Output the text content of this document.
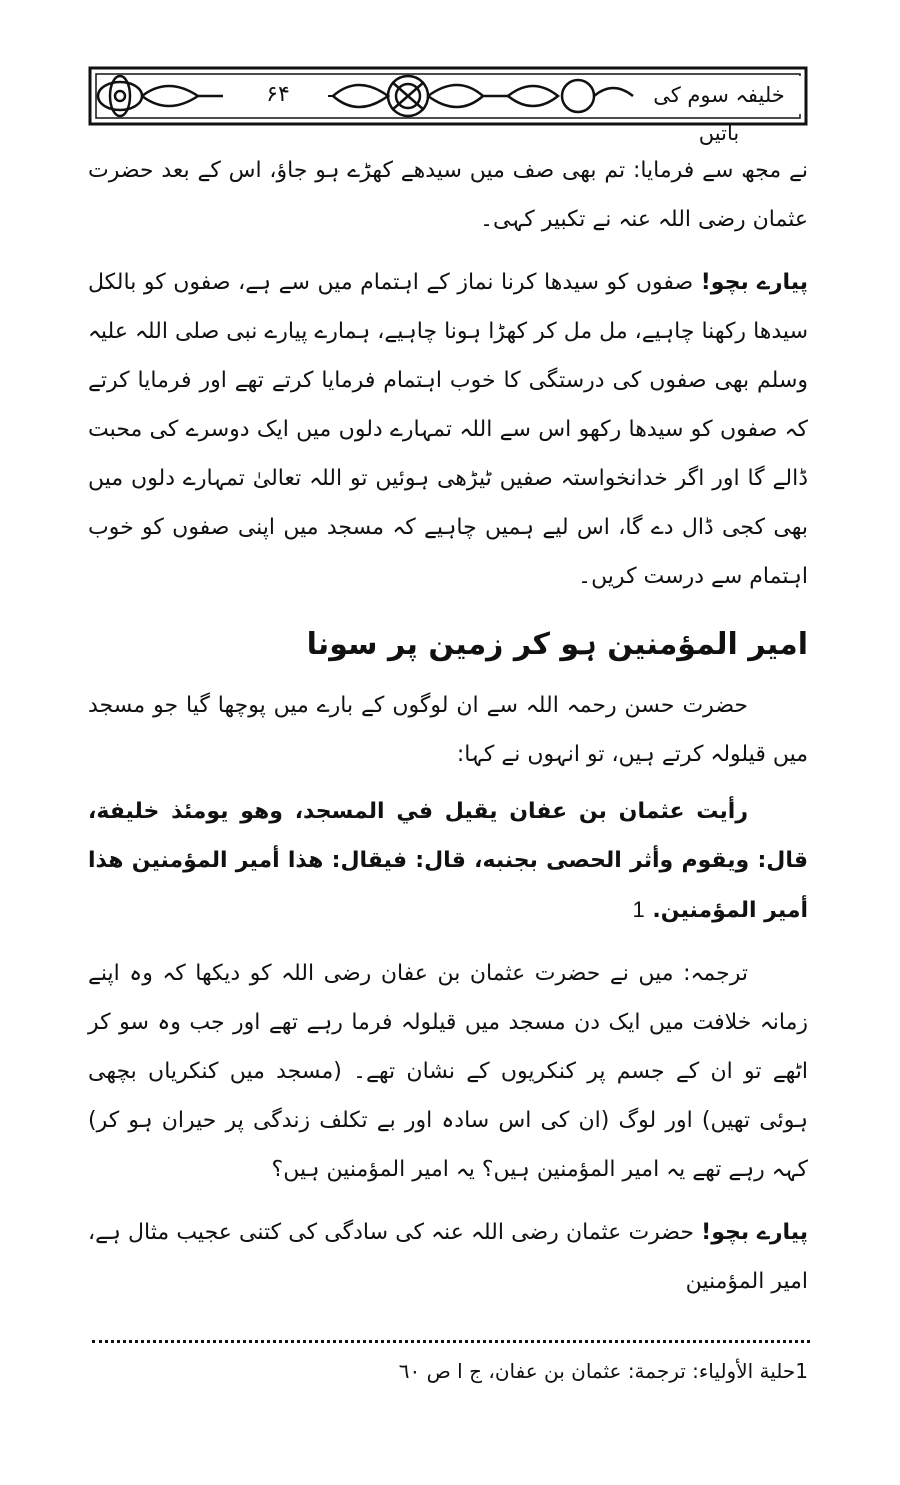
۶۴	خلیفہ سوم کی باتیں

نے مجھ سے فرمایا: تم بھی صف میں سیدھے کھڑے ہو جاؤ، اس کے بعد حضرت عثمان رضی اللہ عنہ نے تکبیر کہی۔

پیارے بچو! صفوں کو سیدھا کرنا نماز کے اہتمام میں سے ہے، صفوں کو بالکل سیدھا رکھنا چاہیے، مل مل کر کھڑا ہونا چاہیے، ہمارے پیارے نبی صلی اللہ علیہ وسلم بھی صفوں کی درستگی کا خوب اہتمام فرمایا کرتے تھے اور فرمایا کرتے کہ صفوں کو سیدھا رکھو اس سے اللہ تمہارے دلوں میں ایک دوسرے کی محبت ڈالے گا اور اگر خدانخواستہ صفیں ٹیڑھی ہوئیں تو اللہ تعالیٰ تمہارے دلوں میں بھی کجی ڈال دے گا، اس لیے ہمیں چاہیے کہ مسجد میں اپنی صفوں کو خوب اہتمام سے درست کریں۔

امیر المؤمنین ہو کر زمین پر سونا

حضرت حسن رحمہ اللہ سے ان لوگوں کے بارے میں پوچھا گیا جو مسجد میں قیلولہ کرتے ہیں، تو انہوں نے کہا:

رأيت عثمان بن عفان يقيل في المسجد، وهو يومئذ خليفة، قال: ويقوم وأثر الحصى بجنبه، قال: فيقال: هذا أمير المؤمنين هذا أمير المؤمنين. 1

ترجمہ: میں نے حضرت عثمان بن عفان رضی اللہ کو دیکھا کہ وہ اپنے زمانہ خلافت میں ایک دن مسجد میں قیلولہ فرما رہے تھے اور جب وہ سو کر اٹھے تو ان کے جسم پر کنکریوں کے نشان تھے۔ (مسجد میں کنکریاں بچھی ہوئی تھیں) اور لوگ (ان کی اس سادہ اور بے تکلف زندگی پر حیران ہو کر) کہہ رہے تھے یہ امیر المؤمنین ہیں؟ یہ امیر المؤمنین ہیں؟

پیارے بچو! حضرت عثمان رضی اللہ عنہ کی سادگی کی کتنی عجیب مثال ہے، امیر المؤمنین

1حلية الأولياء: ترجمة: عثمان بن عفان، ج ا ص ٦٠
